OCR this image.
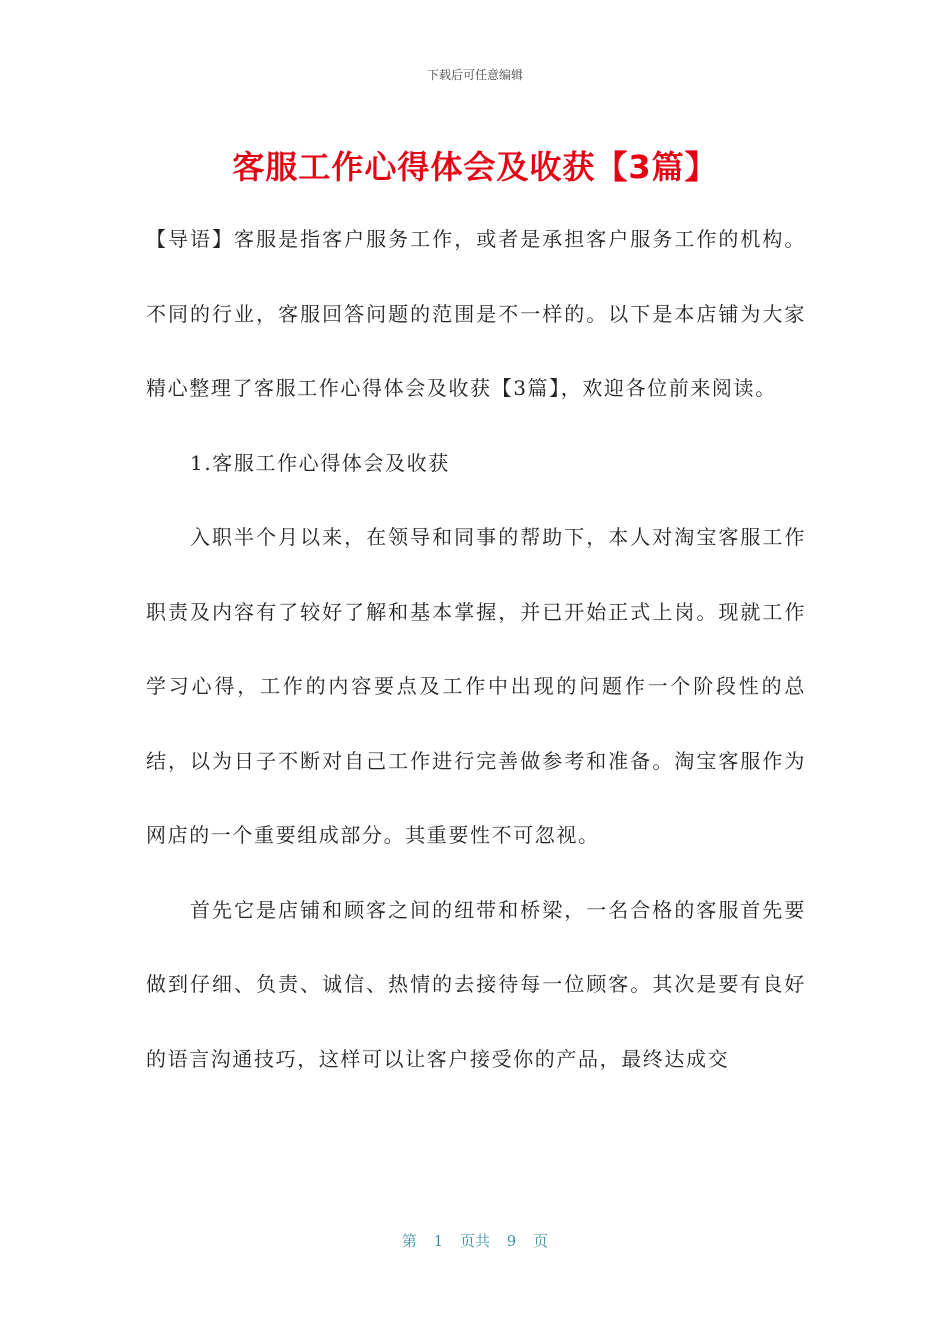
下载后可任意编辑
客服工作心得体会及收获【3篇】

【导语】客服是指客户服务工作，或者是承担客户服务工作的机构。不同的行业，客服回答问题的范围是不一样的。以下是本店铺为大家精心整理了客服工作心得体会及收获【3篇】，欢迎各位前来阅读。

1.客服工作心得体会及收获

入职半个月以来，在领导和同事的帮助下，本人对淘宝客服工作职责及内容有了较好了解和基本掌握，并已开始正式上岗。现就工作学习心得，工作的内容要点及工作中出现的问题作一个阶段性的总结，以为日子不断对自己工作进行完善做参考和准备。淘宝客服作为网店的一个重要组成部分。其重要性不可忽视。

首先它是店铺和顾客之间的纽带和桥梁，一名合格的客服首先要做到仔细、负责、诚信、热情的去接待每一位顾客。其次是要有良好的语言沟通技巧，这样可以让客户接受你的产品，最终达成交

第 1 页共 9 页
